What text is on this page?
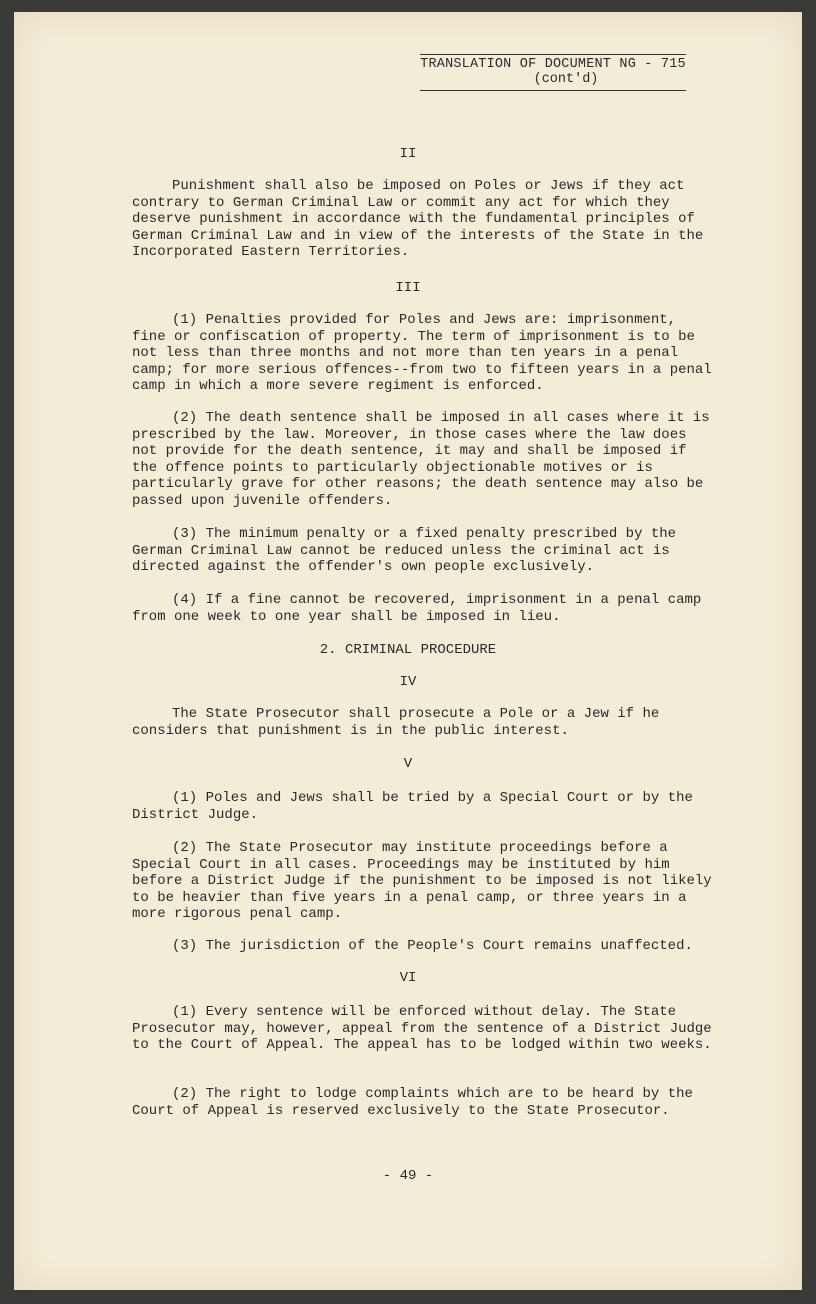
TRANSLATION OF DOCUMENT NG - 715
(cont'd)
II

Punishment shall also be imposed on Poles or Jews if they act contrary to German Criminal Law or commit any act for which they deserve punishment in accordance with the fundamental principles of German Criminal Law and in view of the interests of the State in the Incorporated Eastern Territories.

III

(1) Penalties provided for Poles and Jews are: imprisonment, fine or confiscation of property. The term of imprisonment is to be not less than three months and not more than ten years in a penal camp; for more serious offences--from two to fifteen years in a penal camp in which a more severe regiment is enforced.

(2) The death sentence shall be imposed in all cases where it is prescribed by the law. Moreover, in those cases where the law does not provide for the death sentence, it may and shall be imposed if the offence points to particularly objectionable motives or is particularly grave for other reasons; the death sentence may also be passed upon juvenile offenders.

(3) The minimum penalty or a fixed penalty prescribed by the German Criminal Law cannot be reduced unless the criminal act is directed against the offender's own people exclusively.

(4) If a fine cannot be recovered, imprisonment in a penal camp from one week to one year shall be imposed in lieu.

2. CRIMINAL PROCEDURE
IV

The State Prosecutor shall prosecute a Pole or a Jew if he considers that punishment is in the public interest.

V

(1) Poles and Jews shall be tried by a Special Court or by the District Judge.

(2) The State Prosecutor may institute proceedings before a Special Court in all cases. Proceedings may be instituted by him before a District Judge if the punishment to be imposed is not likely to be heavier than five years in a penal camp, or three years in a more rigorous penal camp.

(3) The jurisdiction of the People's Court remains unaffected.

VI

(1) Every sentence will be enforced without delay. The State Prosecutor may, however, appeal from the sentence of a District Judge to the Court of Appeal. The appeal has to be lodged within two weeks.

(2) The right to lodge complaints which are to be heard by the Court of Appeal is reserved exclusively to the State Prosecutor.

- 49 -
